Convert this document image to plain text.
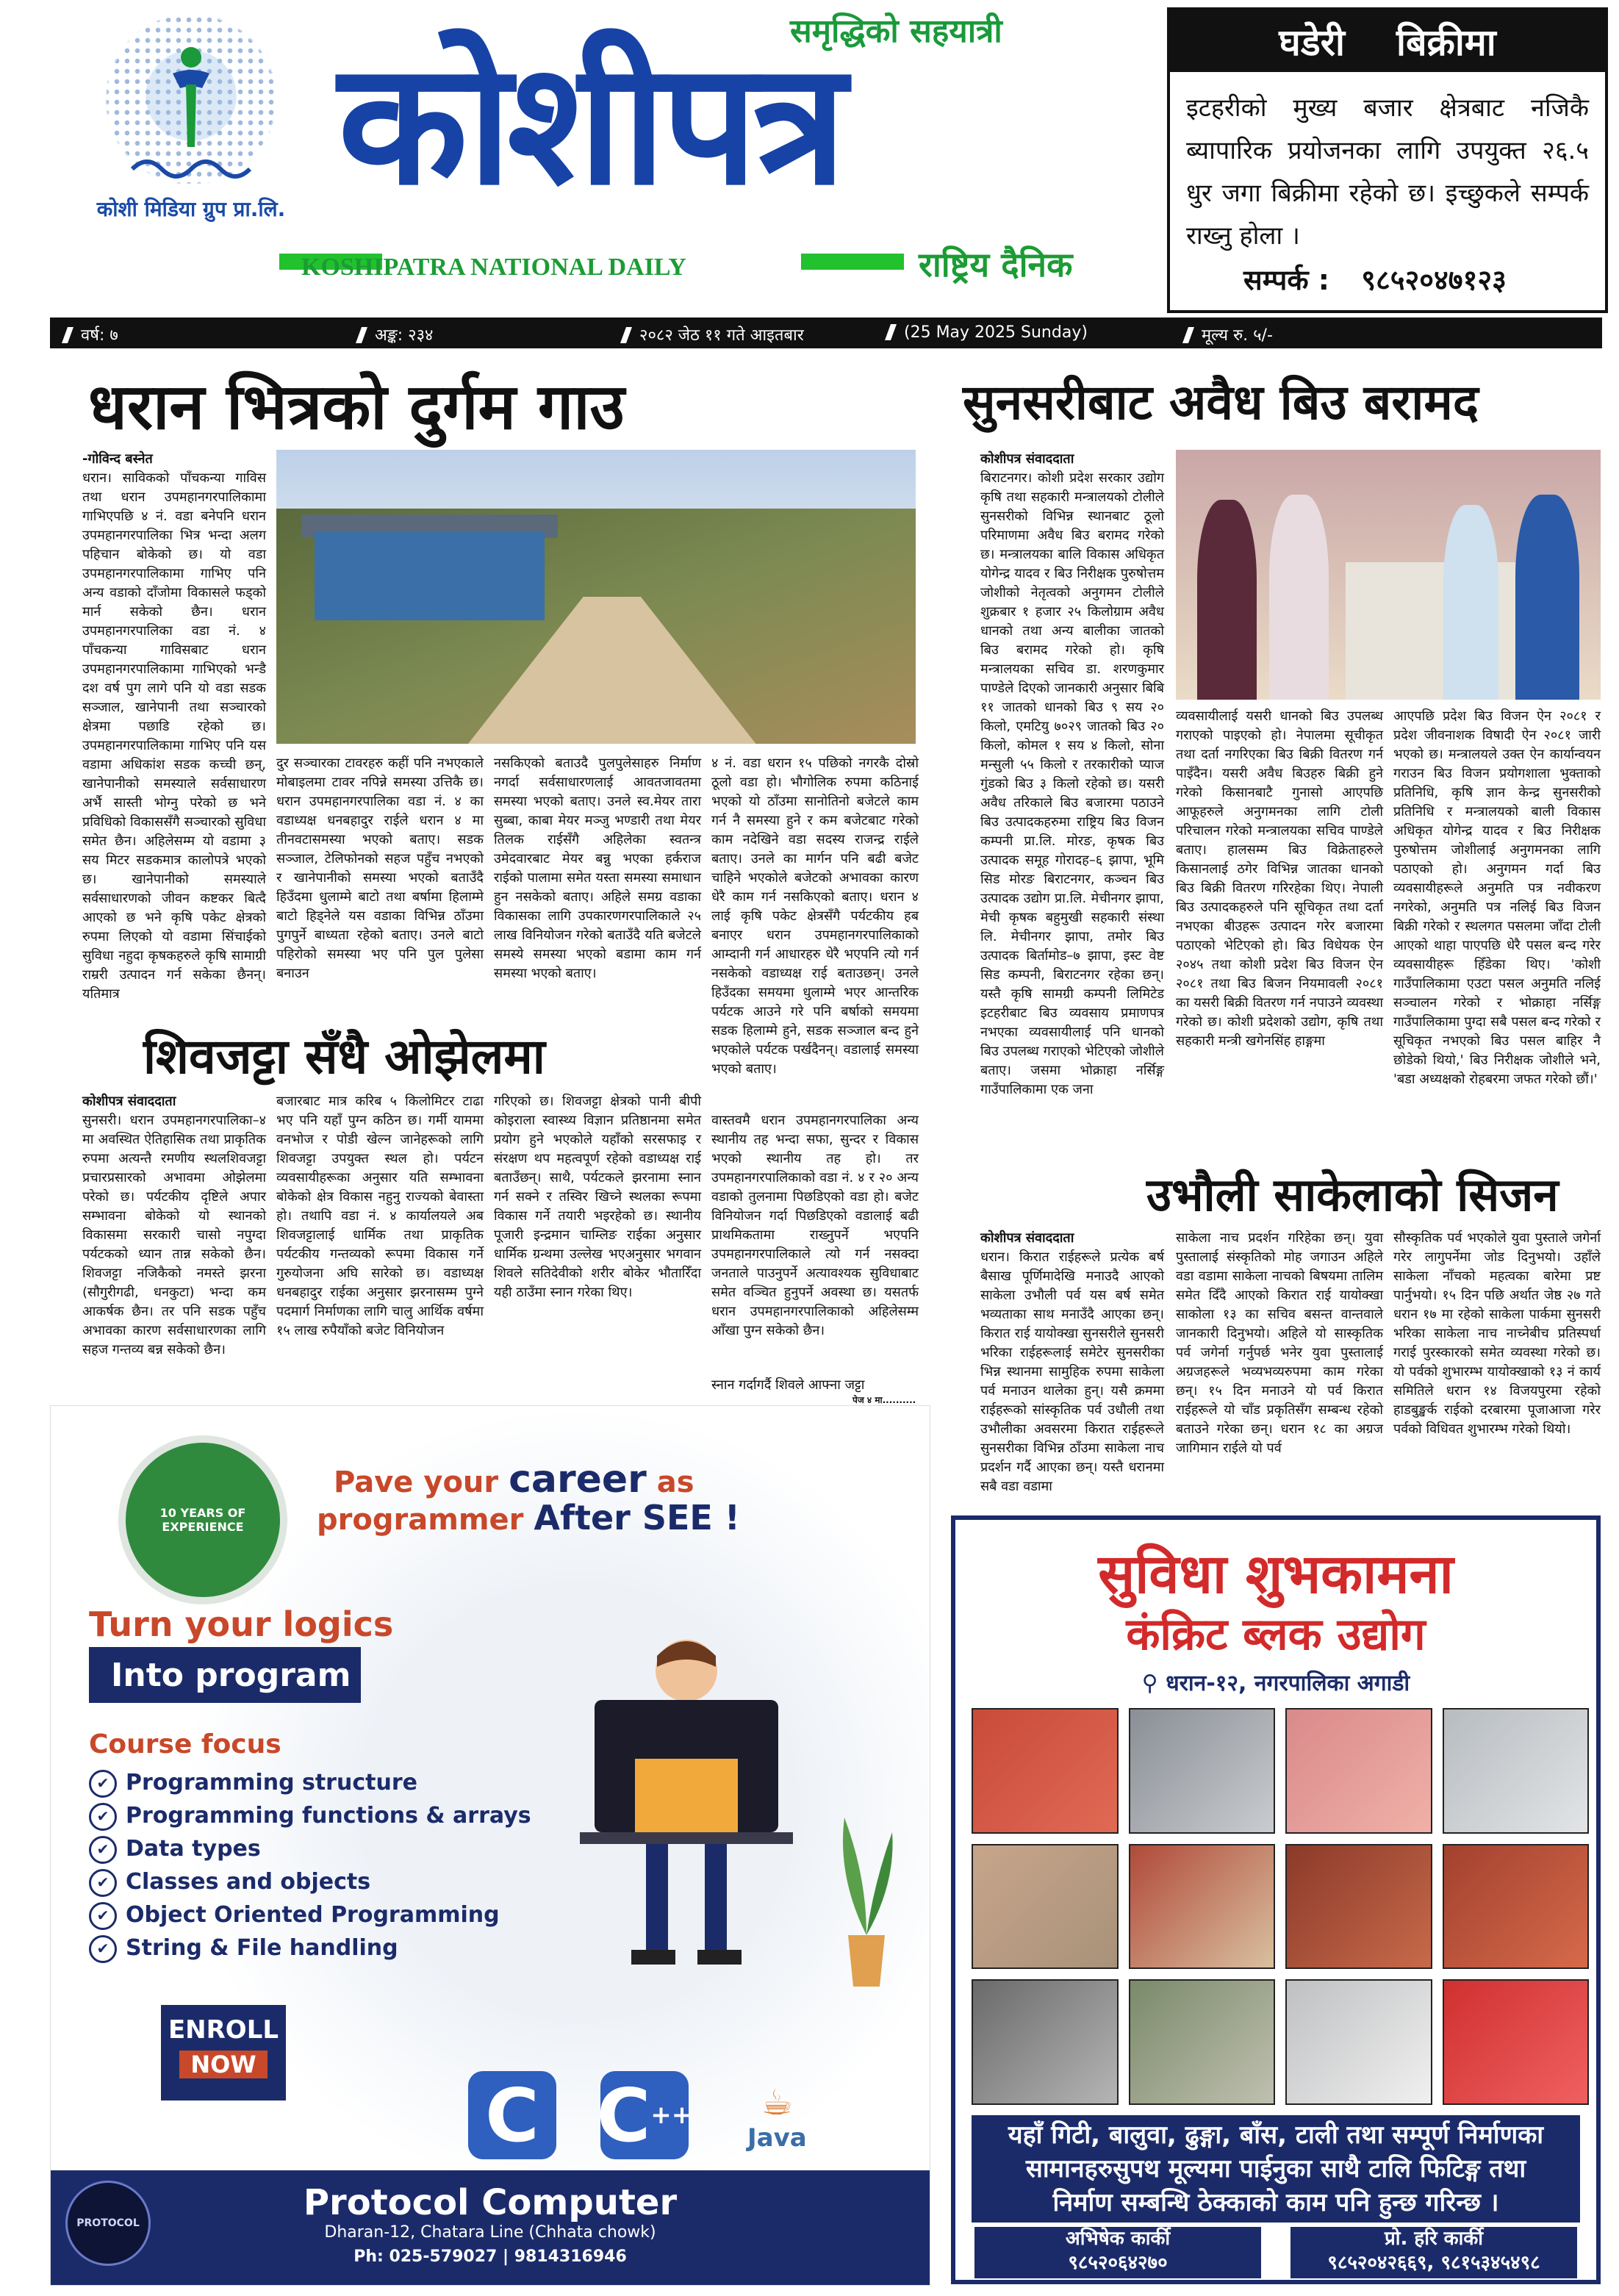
कोशी मिडिया ग्रुप प्रा.लि.
समृद्धिको सहयात्री
कोशीपत्र
KOSHIPATRA NATIONAL DAILY	राष्ट्रिय दैनिक
घडेरी बिक्रीमा
इटहरीको मुख्य बजार क्षेत्रबाट नजिकै ब्यापारिक प्रयोजनका लागि उपयुक्त २६.५ धुर जगा बिक्रीमा रहेको छ। इच्छुकले सम्पर्क राख्नु होला ।
सम्पर्क : ९८५२०४७१२३
वर्ष: ७	अङ्क: २३४	२०८२ जेठ ११ गते आइतबार	(25 May 2025 Sunday)	मूल्य रु. ५/-
धरान भित्रको दुर्गम गाउ
-गोविन्द बस्नेत
धरान। साविकको पाँचकन्या गाविस तथा धरान उपमहानगरपालिकामा गाभिएपछि ४ नं. वडा बनेपनि धरान उपमहानगरपालिका भित्र भन्दा अलग पहिचान बोकेको छ। यो वडा उपमहानगरपालिकामा गाभिए पनि अन्य वडाको दाँजोमा विकासले फड्को मार्न सकेको छैन। धरान उपमहानगरपालिका वडा नं. ४ पाँचकन्या गाविसबाट धरान उपमहानगरपालिकामा गाभिएको भन्डै दश वर्ष पुग लागे पनि यो वडा सडक सञ्जाल, खानेपानी तथा सञ्चारको क्षेत्रमा पछाडि रहेको छ। उपमहानगरपालिकामा गाभिए पनि यस वडामा अधिकांश सडक कच्ची छन्, खानेपानीको समस्याले सर्वसाधारण अर्भै सास्ती भोग्नु परेको छ भने प्रविधिको विकाससँगै सञ्चारको सुविधा समेत छैन। अहिलेसम्म यो वडामा ३ सय मिटर सडकमात्र कालोपत्रे भएको छ। खानेपानीको समस्याले सर्वसाधारणको जीवन कष्टकर बित्दै आएको छ भने कृषि पकेट क्षेत्रको रुपमा लिएको यो वडामा सिंचाईको सुविधा नहुदा कृषकहरुले कृषि सामाग्री राम्ररी उत्पादन गर्न सकेका छैनन्। यतिमात्र
दुर सञ्चारका टावरहरु कहीं पनि नभएकाले मोबाइलमा टावर नपिन्ने समस्या उत्तिकै छ। धरान उपमहानगरपालिका वडा नं. ४ का वडाध्यक्ष धनबहादुर राईले धरान ४ मा तीनवटासमस्या भएको बताए। सडक सञ्जाल, टेलिफोनको सहज पहुँच नभएको र खानेपानीको समस्या भएको बताउँदै हिउँदमा धुलाम्मे बाटो तथा बर्षामा हिलाम्मे बाटो हिड्नेले यस वडाका विभिन्न ठाँउमा पुगपुर्ने बाध्यता रहेको बताए। उनले बाटो पहिरोको समस्या भए पनि पुल पुलेसा बनाउन
नसकिएको बताउदै पुलपुलेसाहरु निर्माण नगर्दा सर्वसाधारणलाई आवतजावतमा समस्या भएको बताए। उनले स्व.मेयर तारा सुब्बा, काबा मेयर मञ्जु भण्डारी तथा मेयर तिलक राईसँगै अहिलेका स्वतन्त्र उमेदवारबाट मेयर बन्नु भएका हर्कराज राईको पालामा समेत यस्ता समस्या समाधान हुन नसकेको बताए। अहिले समग्र वडाका विकासका लागि उपकारणगरपालिकाले २५ लाख विनियोजन गरेको बताउँदै यति बजेटले समस्ये समस्या भएको बडामा काम गर्न समस्या भएको बताए।
४ नं. वडा धरान १५ पछिको नगरकै दोस्रो ठूलो वडा हो। भौगोलिक रुपमा कठिनाई भएको यो ठाँउमा सानोतिनो बजेटले काम गर्न नै समस्या हुने र कम बजेटबाट गरेको काम नदेखिने वडा सदस्य राजन्द्र राईले बताए। उनले का मार्गन पनि बढी बजेट चाहिने भएकोले बजेटको अभावका कारण धेरै काम गर्न नसकिएको बताए। धरान ४ लाई कृषि पकेट क्षेत्रसँगै पर्यटकीय हब बनाएर धरान उपमहानगरपालिकाको आम्दानी गर्न आधारहरु धेरै भएपनि त्यो गर्न नसकेको वडाध्यक्ष राई बताउछन्। उनले हिउँदका समयमा धुलाम्मे भएर आन्तरिक पर्यटक आउने गरे पनि बर्षाको समयमा सडक हिलाम्मे हुने, सडक सञ्जाल बन्द हुने भएकोले पर्यटक पर्खदैनन्। वडालाई समस्या भएको बताए।
शिवजट्टा सँधै ओझेलमा
कोशीपत्र संवाददाता
सुनसरी। धरान उपमहानगरपालिका–४ मा अवस्थित ऐतिहासिक तथा प्राकृतिक रुपमा अत्यन्तै रमणीय स्थलशिवजट्टा प्रचारप्रसारको अभावमा ओझेलमा परेको छ। पर्यटकीय दृष्टिले अपार सम्भावना बोकेको यो स्थानको विकासमा सरकारी चासो नपुग्दा पर्यटकको ध्यान तान्न सकेको छैन। शिवजट्टा नजिकैको नमस्ते झरना (सौगुरीगढी, धनकुटा) भन्दा कम आकर्षक छैन। तर पनि सडक पहुँच अभावका कारण सर्वसाधारणका लागि सहज गन्तव्य बन्न सकेको छैन।
बजारबाट मात्र करिब ५ किलोमिटर टाढा भए पनि यहाँ पुग्न कठिन छ। गर्मी याममा वनभोज र पोडी खेल्न जानेहरूको लागि शिवजट्टा उपयुक्त स्थल हो। पर्यटन व्यवसायीहरूका अनुसार यति सम्भावना बोकेको क्षेत्र विकास नहुनु राज्यको बेवास्ता हो। तथापि वडा नं. ४ कार्यालयले अब शिवजट्टालाई धार्मिक तथा प्राकृतिक पर्यटकीय गन्तव्यको रूपमा विकास गर्ने गुरुयोजना अघि सारेको छ। वडाध्यक्ष धनबहादुर राईका अनुसार झरनासम्म पुग्ने पदमार्ग निर्माणका लागि चालु आर्थिक वर्षमा १५ लाख रुपैयाँको बजेट विनियोजन
गरिएको छ। शिवजट्टा क्षेत्रको पानी बीपी कोइराला स्वास्थ्य विज्ञान प्रतिष्ठानमा समेत प्रयोग हुने भएकोले यहाँको सरसफाइ र संरक्षण थप महत्वपूर्ण रहेको वडाध्यक्ष राई बताउँछन्। साथै, पर्यटकले झरनामा स्नान गर्न सक्ने र तस्विर खिच्ने स्थलका रूपमा विकास गर्ने तयारी भइरहेको छ। स्थानीय पूजारी इन्द्रमान चाम्लिङ राईका अनुसार धार्मिक ग्रन्थमा उल्लेख भएअनुसार भगवान शिवले सतिदेवीको शरीर बोकेर भौतारिँदा यही ठाउँमा स्नान गरेका थिए।
वास्तवमै धरान उपमहानगरपालिका अन्य स्थानीय तह भन्दा सफा, सुन्दर र विकास भएको स्थानीय तह हो। तर उपमहानगरपालिकाको वडा नं. ४ र २० अन्य वडाको तुलनामा पिछडिएको वडा हो। बजेट विनियोजन गर्दा पिछडिएको वडालाई बढी प्राथमिकतामा राख्नुपर्ने भएपनि उपमहानगरपालिकाले त्यो गर्न नसक्दा जनताले पाउनुपर्ने अत्यावश्यक सुविधाबाट समेत वञ्चित हुनुपर्ने अवस्था छ। यसतर्फ धरान उपमहानगरपालिकाको अहिलेसम्म आँखा पुग्न सकेको छैन।
स्नान गर्दागर्दै शिवले आफ्ना जट्टा
पेज ४ मा..........
सुनसरीबाट अवैध बिउ बरामद
कोशीपत्र संवाददाता
बिराटनगर। कोशी प्रदेश सरकार उद्योग कृषि तथा सहकारी मन्त्रालयको टोलीले सुनसरीको विभिन्न स्थानबाट ठूलो परिमाणमा अवैध बिउ बरामद गरेको छ। मन्त्रालयका बालि विकास अधिकृत योगेन्द्र यादव र बिउ निरीक्षक पुरुषोत्तम जोशीको नेतृत्वको अनुगमन टोलीले शुक्रबार १ हजार २५ किलोग्राम अवैध धानको तथा अन्य बालीका जातको बिउ बरामद गरेको हो। कृषि मन्त्रालयका सचिव डा. शरणकुमार पाण्डेले दिएको जानकारी अनुसार बिबि ११ जातको धानको बिउ ९ सय २० किलो, एमटियु ७०२९ जातको बिउ २० किलो, कोमल १ सय ४ किलो, सोना मन्सुली ५५ किलो र तरकारीको प्याज गुंडको बिउ ३ किलो रहेको छ। यसरी अवैध तरिकाले बिउ बजारमा पठाउने बिउ उत्पादकहरुमा राष्ट्रिय बिउ विजन कम्पनी प्रा.लि. मोरङ, कृषक बिउ उत्पादक समूह गोरादह–६ झापा, भूमि सिड मोरङ बिराटनगर, कञ्चन बिउ उत्पादक उद्योग प्रा.लि. मेचीनगर झापा, मेची कृषक बहुमुखी सहकारी संस्था लि. मेचीनगर झापा, तमोर बिउ उत्पादक बिर्तामोड–७ झापा, इस्ट वेष्ट सिड कम्पनी, बिराटनगर रहेका छन्। यस्तै कृषि सामग्री कम्पनी लिमिटेड इटहरीबाट बिउ व्यवसाय प्रमाणपत्र नभएका व्यवसायीलाई पनि धानको बिउ उपलब्ध गराएको भेटिएको जोशीले बताए। जसमा भोक्राहा नर्सिङ्ग गाउँपालिकामा एक जना
व्यवसायीलाई यसरी धानको बिउ उपलब्ध गराएको पाइएको हो। नेपालमा सूचीकृत तथा दर्ता नगरिएका बिउ बिक्री वितरण गर्न पाइँदैन। यसरी अवैध बिउहरु बिक्री हुने गरेको किसानबाटै गुनासो आएपछि आफूहरुले अनुगमनका लागि टोली परिचालन गरेको मन्त्रालयका सचिव पाण्डेले बताए। हालसम्म बिउ विक्रेताहरुले किसानलाई ठगेर विभिन्न जातका धानको बिउ बिक्री वितरण गरिरहेका थिए। नेपाली बिउ उत्पादकहरुले पनि सूचिकृत तथा दर्ता नभएका बीउहरू उत्पादन गरेर बजारमा पठाएको भेटिएको हो। बिउ विधेयक ऐन २०४५ तथा कोशी प्रदेश बिउ विजन ऐन २०८१ तथा बिउ बिजन नियमावली २०८१ का यसरी बिक्री वितरण गर्न नपाउने व्यवस्था गरेको छ। कोशी प्रदेशको उद्योग, कृषि तथा सहकारी मन्त्री खगेनसिंह हाङ्गमा
आएपछि प्रदेश बिउ विजन ऐन २०८१ र प्रदेश जीवनाशक विषादी ऐन २०८१ जारी भएको छ। मन्त्रालयले उक्त ऐन कार्यान्वयन गराउन बिउ विजन प्रयोगशाला भुक्ताको प्रतिनिधि, कृषि ज्ञान केन्द्र सुनसरीको प्रतिनिधि र मन्त्रालयको बाली विकास अधिकृत योगेन्द्र यादव र बिउ निरीक्षक पुरुषोत्तम जोशीलाई अनुगमनका लागि पठाएको हो। अनुगमन गर्दा बिउ व्यवसायीहरूले अनुमति पत्र नवीकरण नगरेको, अनुमति पत्र नलिई बिउ विजन बिक्री गरेको र स्थलगत पसलमा जाँदा टोली आएको थाहा पाएपछि धेरै पसल बन्द गरेर व्यवसायीहरू हिँडेका थिए। 'कोशी गाउँपालिकामा एउटा पसल अनुमति नलिई सञ्चालन गरेको र भोक्राहा नर्सिङ्ग गाउँपालिकामा पुग्दा सबै पसल बन्द गरेको र सूचिकृत नभएको बिउ पसल बाहिर नै छोडेको थियो,' बिउ निरीक्षक जोशीले भने, 'बडा अध्यक्षको रोहबरमा जफत गरेको छौं।'
उभौली साकेलाको सिजन
कोशीपत्र संवाददाता
धरान। किरात राईहरूले प्रत्येक बर्ष बैसाख पूर्णिमादेखि मनाउदै आएको साकेला उभौली पर्व यस बर्ष समेत भव्यताका साथ मनाउँदै आएका छन्। किरात राई यायोक्खा सुनसरीले सुनसरी भरिका राईहरूलाई समेटेर सुनसरीका भिन्न स्थानमा सामुहिक रुपमा साकेला पर्व मनाउन थालेका हुन्। यसै क्रममा राईहरूको सांस्कृतिक पर्व उधौली तथा उभौलीका अवसरमा किरात राईहरूले सुनसरीका विभिन्न ठाँउमा साकेला नाच प्रदर्शन गर्दै आएका छन्। यस्तै धरानमा सबै वडा वडामा
साकेला नाच प्रदर्शन गरिहेका छन्। युवा पुस्तालाई संस्कृतिको मोह जगाउन अहिले वडा वडामा साकेला नाचको बिषयमा तालिम समेत दिँदै आएको किरात राई यायोक्खा साकोला १३ का सचिव बसन्त वान्तवाले जानकारी दिनुभयो। अहिले यो सास्कृतिक पर्व जगेर्ना गर्नुपर्छ भनेर युवा पुस्तालाई अग्रजहरूले भव्यभव्यरुपमा काम गरेका छन्। १५ दिन मनाउने यो पर्व किरात राईहरूले यो चाँड प्रकृतिसँग सम्बन्ध रहेको बताउने गरेका छन्। धरान १८ का अग्रज जागिमान राईले यो पर्व
सौस्कृतिक पर्व भएकोले युवा पुस्ताले जगेर्ना गरेर लागुपर्नेमा जोड दिनुभयो। उहाँले साकेला नाँचको महत्वका बारेमा प्रष्ट पार्नुभयो। १५ दिन पछि अर्थात जेष्ठ २७ गते धरान १७ मा रहेको साकेला पार्कमा सुनसरी भरिका साकेला नाच नाच्नेबीच प्रतिस्पर्धा गराई पुरस्कारको समेत व्यवस्था गरेको छ। यो पर्वको शुभारम्भ यायोक्खाको १३ नं कार्य समितिले धरान १४ विजयपुरमा रहेको हाडबुङ्खर्क राईको दरबारमा पूजाआजा गरेर पर्वको विधिवत शुभारम्भ गरेको थियो।
10 YEARS OF EXPERIENCE
Pave your career as
programmer After SEE !
Turn your logics
Into program
Course focus
✔ Programming structure
✔ Programming functions & arrays
✔ Data types
✔ Classes and objects
✔ Object Oriented Programming
✔ String & File handling
ENROLL
NOW
C C ++	☕
Java
PROTOCOL	Protocol Computer
Dharan-12, Chatara Line (Chhata chowk)
Ph: 025-579027 | 9814316946
सुविधा शुभकामना
कंक्रिट ब्लक उद्योग
⚲ धरान-१२, नगरपालिका अगाडी
यहाँ गिटी, बालुवा, ढुङ्गा, बाँस, टाली तथा सम्पूर्ण निर्माणका
सामानहरुसुपथ मूल्यमा पाईनुका साथै टालि फिटिङ्ग तथा
निर्माण सम्बन्धि ठेक्काको काम पनि हुन्छ गरिन्छ ।
अभिषेक कार्की
९८५२०६४२७०
प्रो. हरि कार्की
९८५२०४२६६९, ९८१५३४५४९८
